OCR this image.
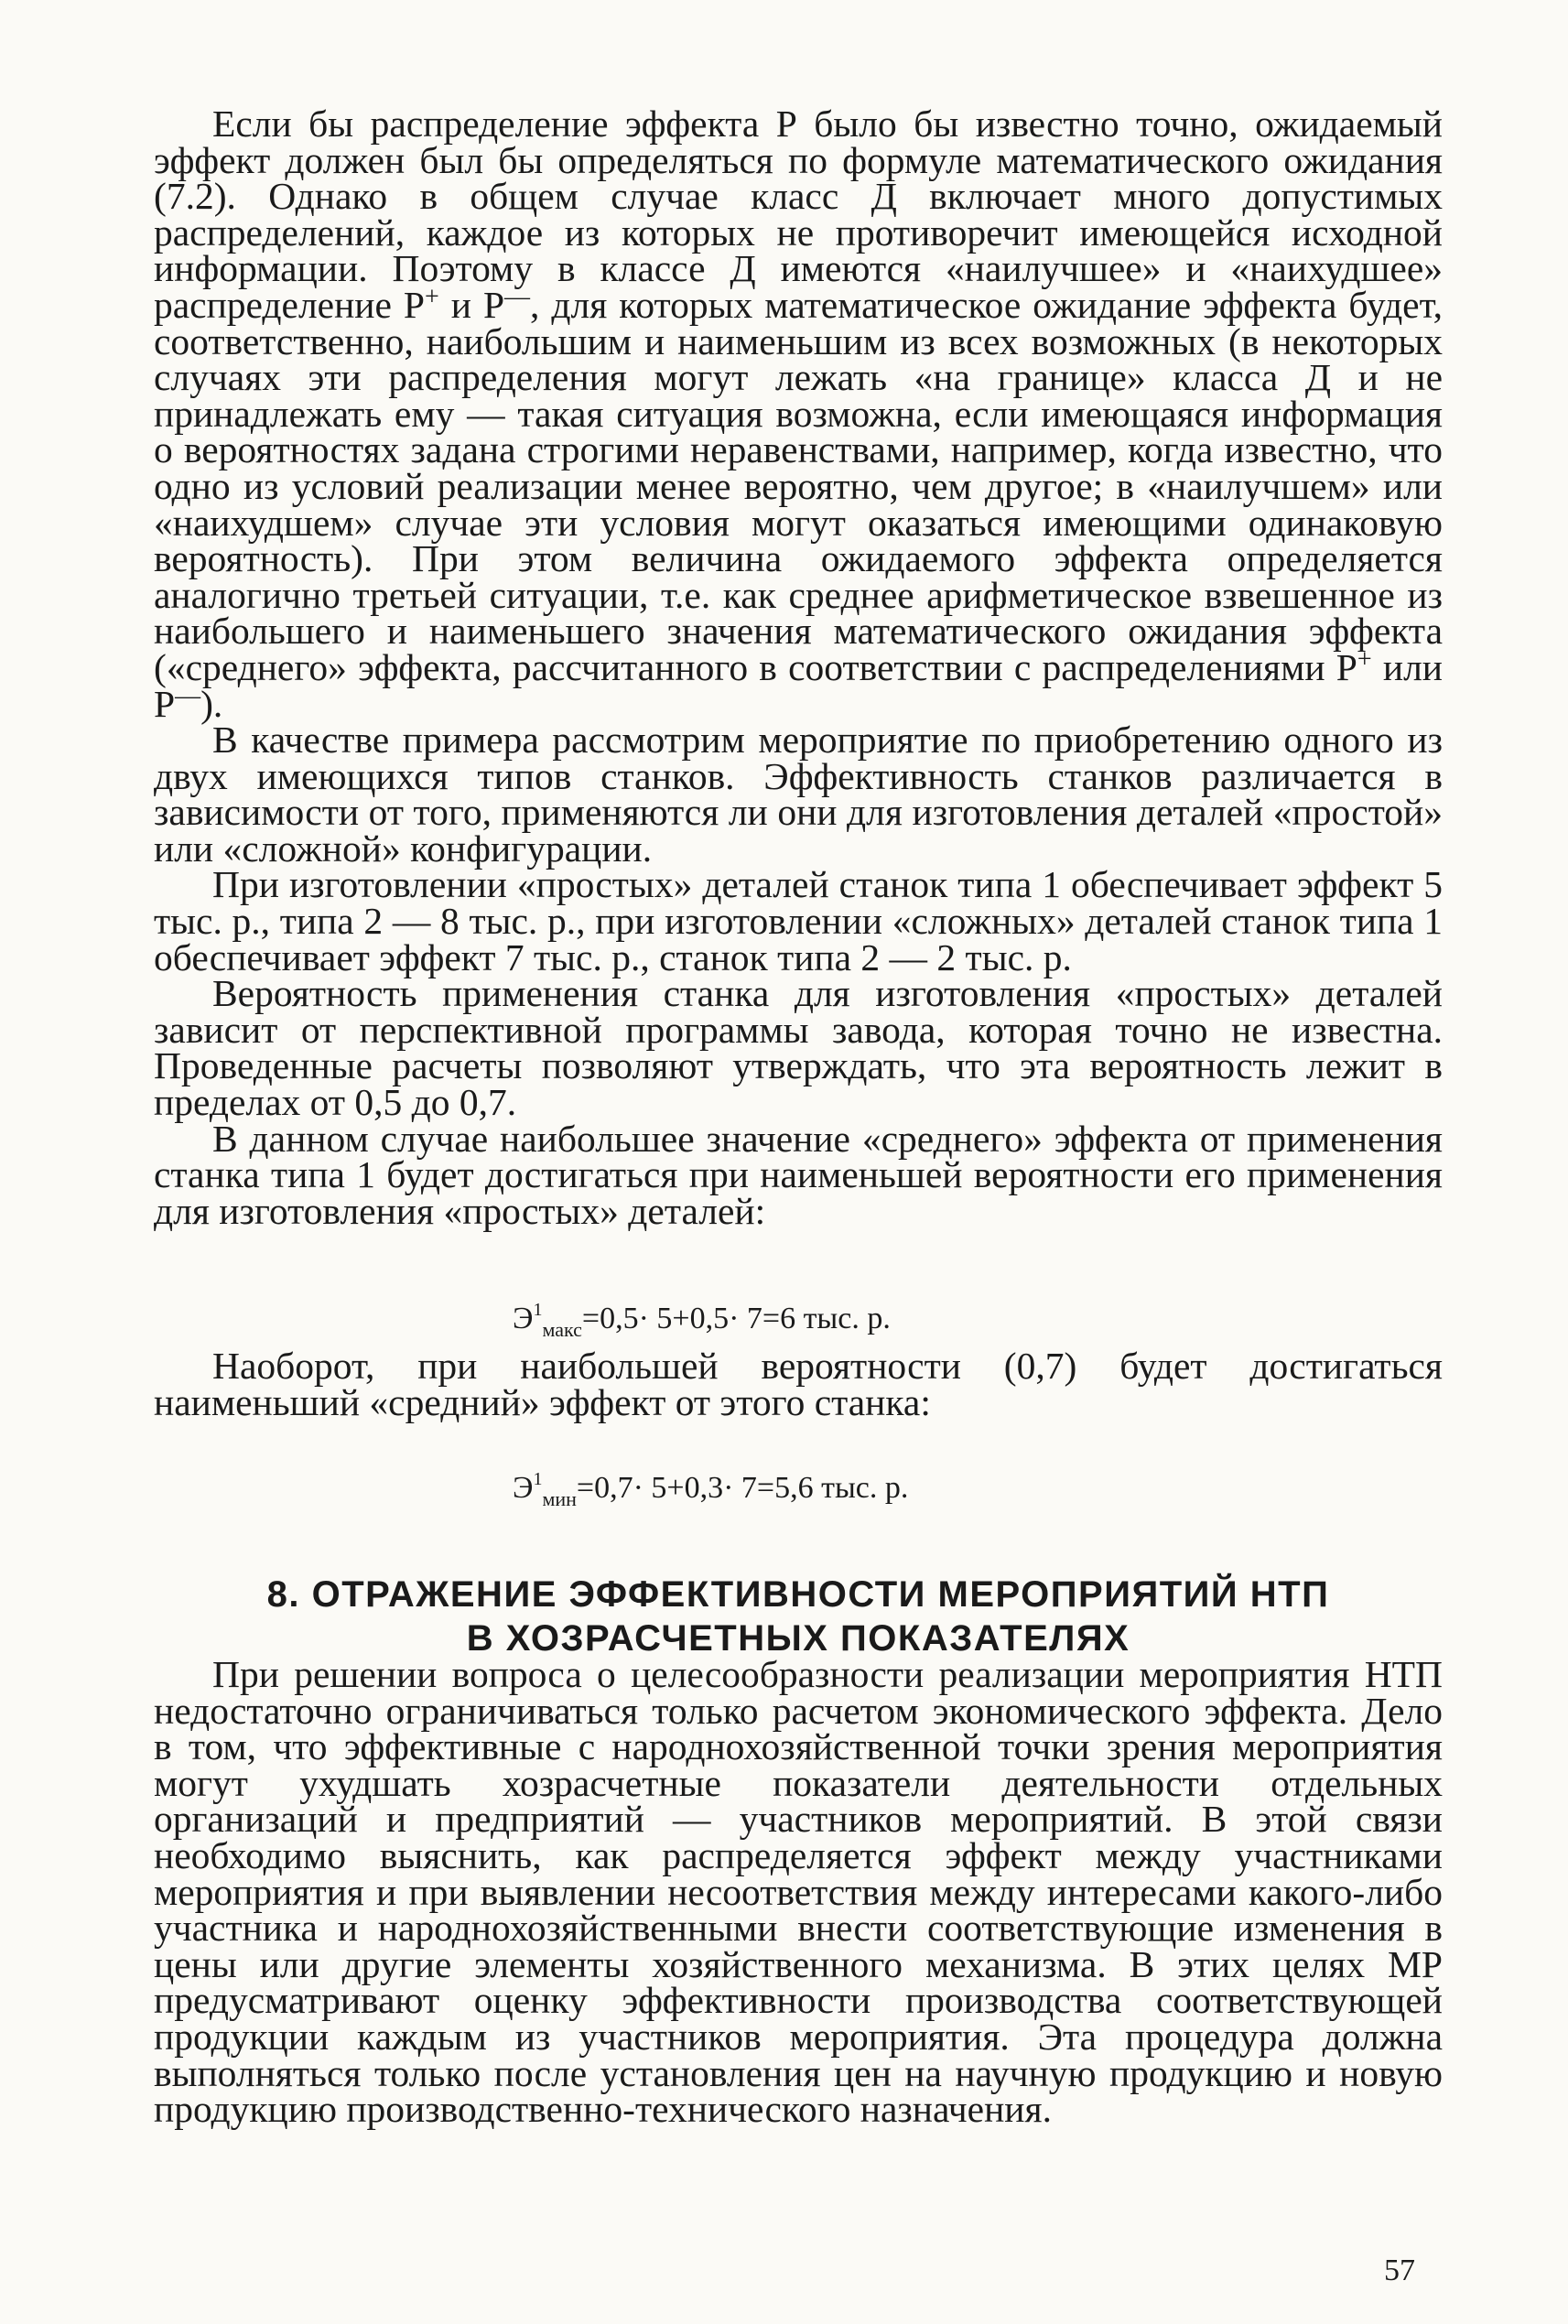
Если бы распределение эффекта Р было бы известно точно, ожидаемый эффект должен был бы определяться по формуле математического ожидания (7.2). Однако в общем случае класс Д включает много допустимых распределений, каждое из которых не противоречит имеющейся исходной информации. Поэтому в классе Д имеются «наилучшее» и «наихудшее» распределение Р+ и Р—, для которых математическое ожидание эффекта будет, соответственно, наибольшим и наименьшим из всех возможных (в некоторых случаях эти распределения могут лежать «на границе» класса Д и не принадлежать ему — такая ситуация возможна, если имеющаяся информация о вероятностях задана строгими неравенствами, например, когда известно, что одно из условий реализации менее вероятно, чем другое; в «наилучшем» или «наихудшем» случае эти условия могут оказаться имеющими одинаковую вероятность). При этом величина ожидаемого эффекта определяется аналогично третьей ситуации, т.е. как среднее арифметическое взвешенное из наибольшего и наименьшего значения математического ожидания эффекта («среднего» эффекта, рассчитанного в соответствии с распределениями Р+ или Р—).

В качестве примера рассмотрим мероприятие по приобретению одного из двух имеющихся типов станков. Эффективность станков различается в зависимости от того, применяются ли они для изготовления деталей «простой» или «сложной» конфигурации.

При изготовлении «простых» деталей станок типа 1 обеспечивает эффект 5 тыс. р., типа 2 — 8 тыс. р., при изготовлении «сложных» деталей станок типа 1 обеспечивает эффект 7 тыс. р., станок типа 2 — 2 тыс. р.

Вероятность применения станка для изготовления «простых» деталей зависит от перспективной программы завода, которая точно не известна. Проведенные расчеты позволяют утверждать, что эта вероятность лежит в пределах от 0,5 до 0,7.

В данном случае наибольшее значение «среднего» эффекта от применения станка типа 1 будет достигаться при наименьшей вероятности его применения для изготовления «простых» деталей:

$Э^1_{макс}=0,5\cdot 5+0,5\cdot 7=6$ тыс. р.

Наоборот, при наибольшей вероятности (0,7) будет достигаться наименьший «средний» эффект от этого станка:

$Э^1_{мин}=0,7\cdot 5+0,3\cdot 7=5,6$ тыс. р.
8. ОТРАЖЕНИЕ ЭФФЕКТИВНОСТИ МЕРОПРИЯТИЙ НТП
В ХОЗРАСЧЕТНЫХ ПОКАЗАТЕЛЯХ

При решении вопроса о целесообразности реализации мероприятия НТП недостаточно ограничиваться только расчетом экономического эффекта. Дело в том, что эффективные с народнохозяйственной точки зрения мероприятия могут ухудшать хозрасчетные показатели деятельности отдельных организаций и предприятий — участников мероприятий. В этой связи необходимо выяснить, как распределяется эффект между участниками мероприятия и при выявлении несоответствия между интересами какого-либо участника и народнохозяйственными внести соответствующие изменения в цены или другие элементы хозяйственного механизма. В этих целях МР предусматривают оценку эффективности производства соответствующей продукции каждым из участников мероприятия. Эта процедура должна выполняться только после установления цен на научную продукцию и новую продукцию производственно-технического назначения.

57
